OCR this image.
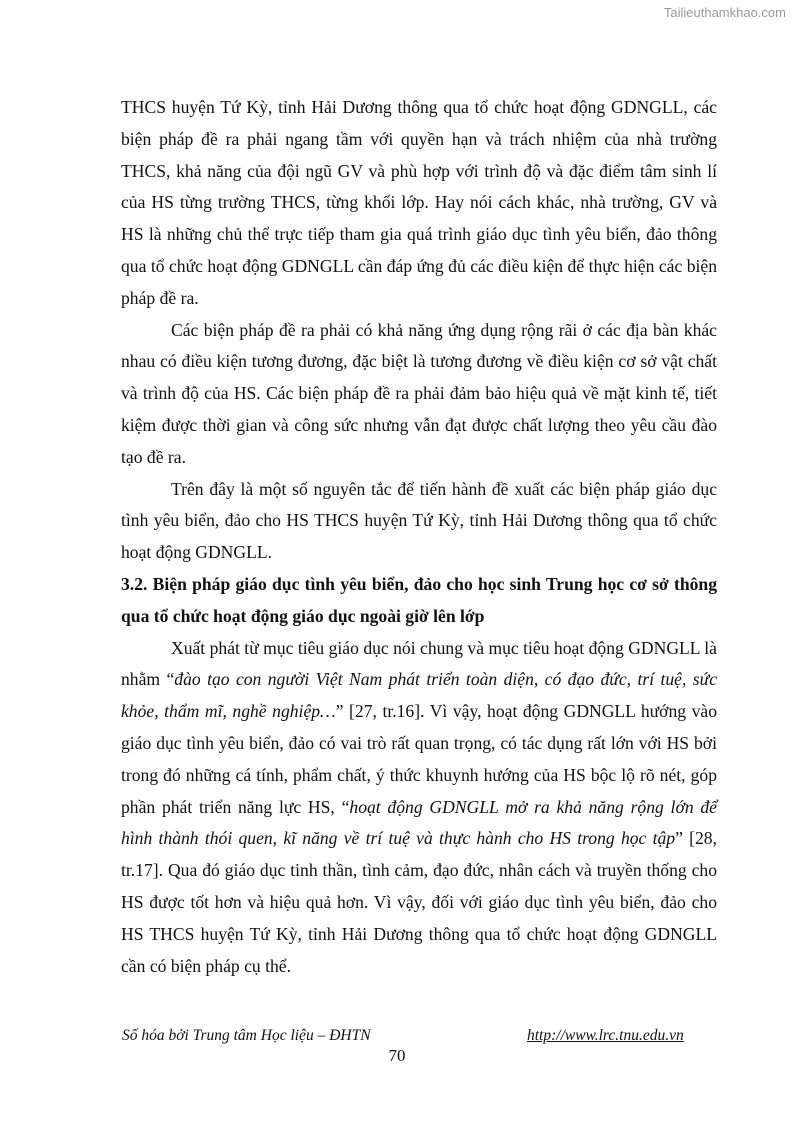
Tailieuthamkhao.com

THCS huyện Tứ Kỳ, tỉnh Hải Dương thông qua tổ chức hoạt động GDNGLL, các biện pháp đề ra phải ngang tầm với quyền hạn và trách nhiệm của nhà trường THCS, khả năng của đội ngũ GV và phù hợp với trình độ và đặc điểm tâm sinh lí của HS từng trường THCS, từng khối lớp. Hay nói cách khác, nhà trường, GV và HS là những chủ thể trực tiếp tham gia quá trình giáo dục tình yêu biển, đảo thông qua tổ chức hoạt động GDNGLL cần đáp ứng đủ các điều kiện để thực hiện các biện pháp đề ra.

Các biện pháp đề ra phải có khả năng ứng dụng rộng rãi ở các địa bàn khác nhau có điều kiện tương đương, đặc biệt là tương đương về điều kiện cơ sở vật chất và trình độ của HS. Các biện pháp đề ra phải đảm bảo hiệu quả về mặt kinh tế, tiết kiệm được thời gian và công sức nhưng vẫn đạt được chất lượng theo yêu cầu đào tạo đề ra.

Trên đây là một số nguyên tắc để tiến hành đề xuất các biện pháp giáo dục tình yêu biển, đảo cho HS THCS huyện Tứ Kỳ, tỉnh Hải Dương thông qua tổ chức hoạt động GDNGLL.

3.2. Biện pháp giáo dục tình yêu biển, đảo cho học sinh Trung học cơ sở thông qua tổ chức hoạt động giáo dục ngoài giờ lên lớp

Xuất phát từ mục tiêu giáo dục nói chung và mục tiêu hoạt động GDNGLL là nhằm “đào tạo con người Việt Nam phát triển toàn diện, có đạo đức, trí tuệ, sức khỏe, thẩm mĩ, nghề nghiệp…” [27, tr.16]. Vì vậy, hoạt động GDNGLL hướng vào giáo dục tình yêu biển, đảo có vai trò rất quan trọng, có tác dụng rất lớn với HS bởi trong đó những cá tính, phẩm chất, ý thức khuynh hướng của HS bộc lộ rõ nét, góp phần phát triển năng lực HS, “hoạt động GDNGLL mở ra khả năng rộng lớn để hình thành thói quen, kĩ năng về trí tuệ và thực hành cho HS trong học tập” [28, tr.17]. Qua đó giáo dục tinh thần, tình cảm, đạo đức, nhân cách và truyền thống cho HS được tốt hơn và hiệu quả hơn. Vì vậy, đối với giáo dục tình yêu biển, đảo cho HS THCS huyện Tứ Kỳ, tỉnh Hải Dương thông qua tổ chức hoạt động GDNGLL cần có biện pháp cụ thể.

Số hóa bởi Trung tâm Học liệu – ĐHTN	http://www.lrc.tnu.edu.vn
70
